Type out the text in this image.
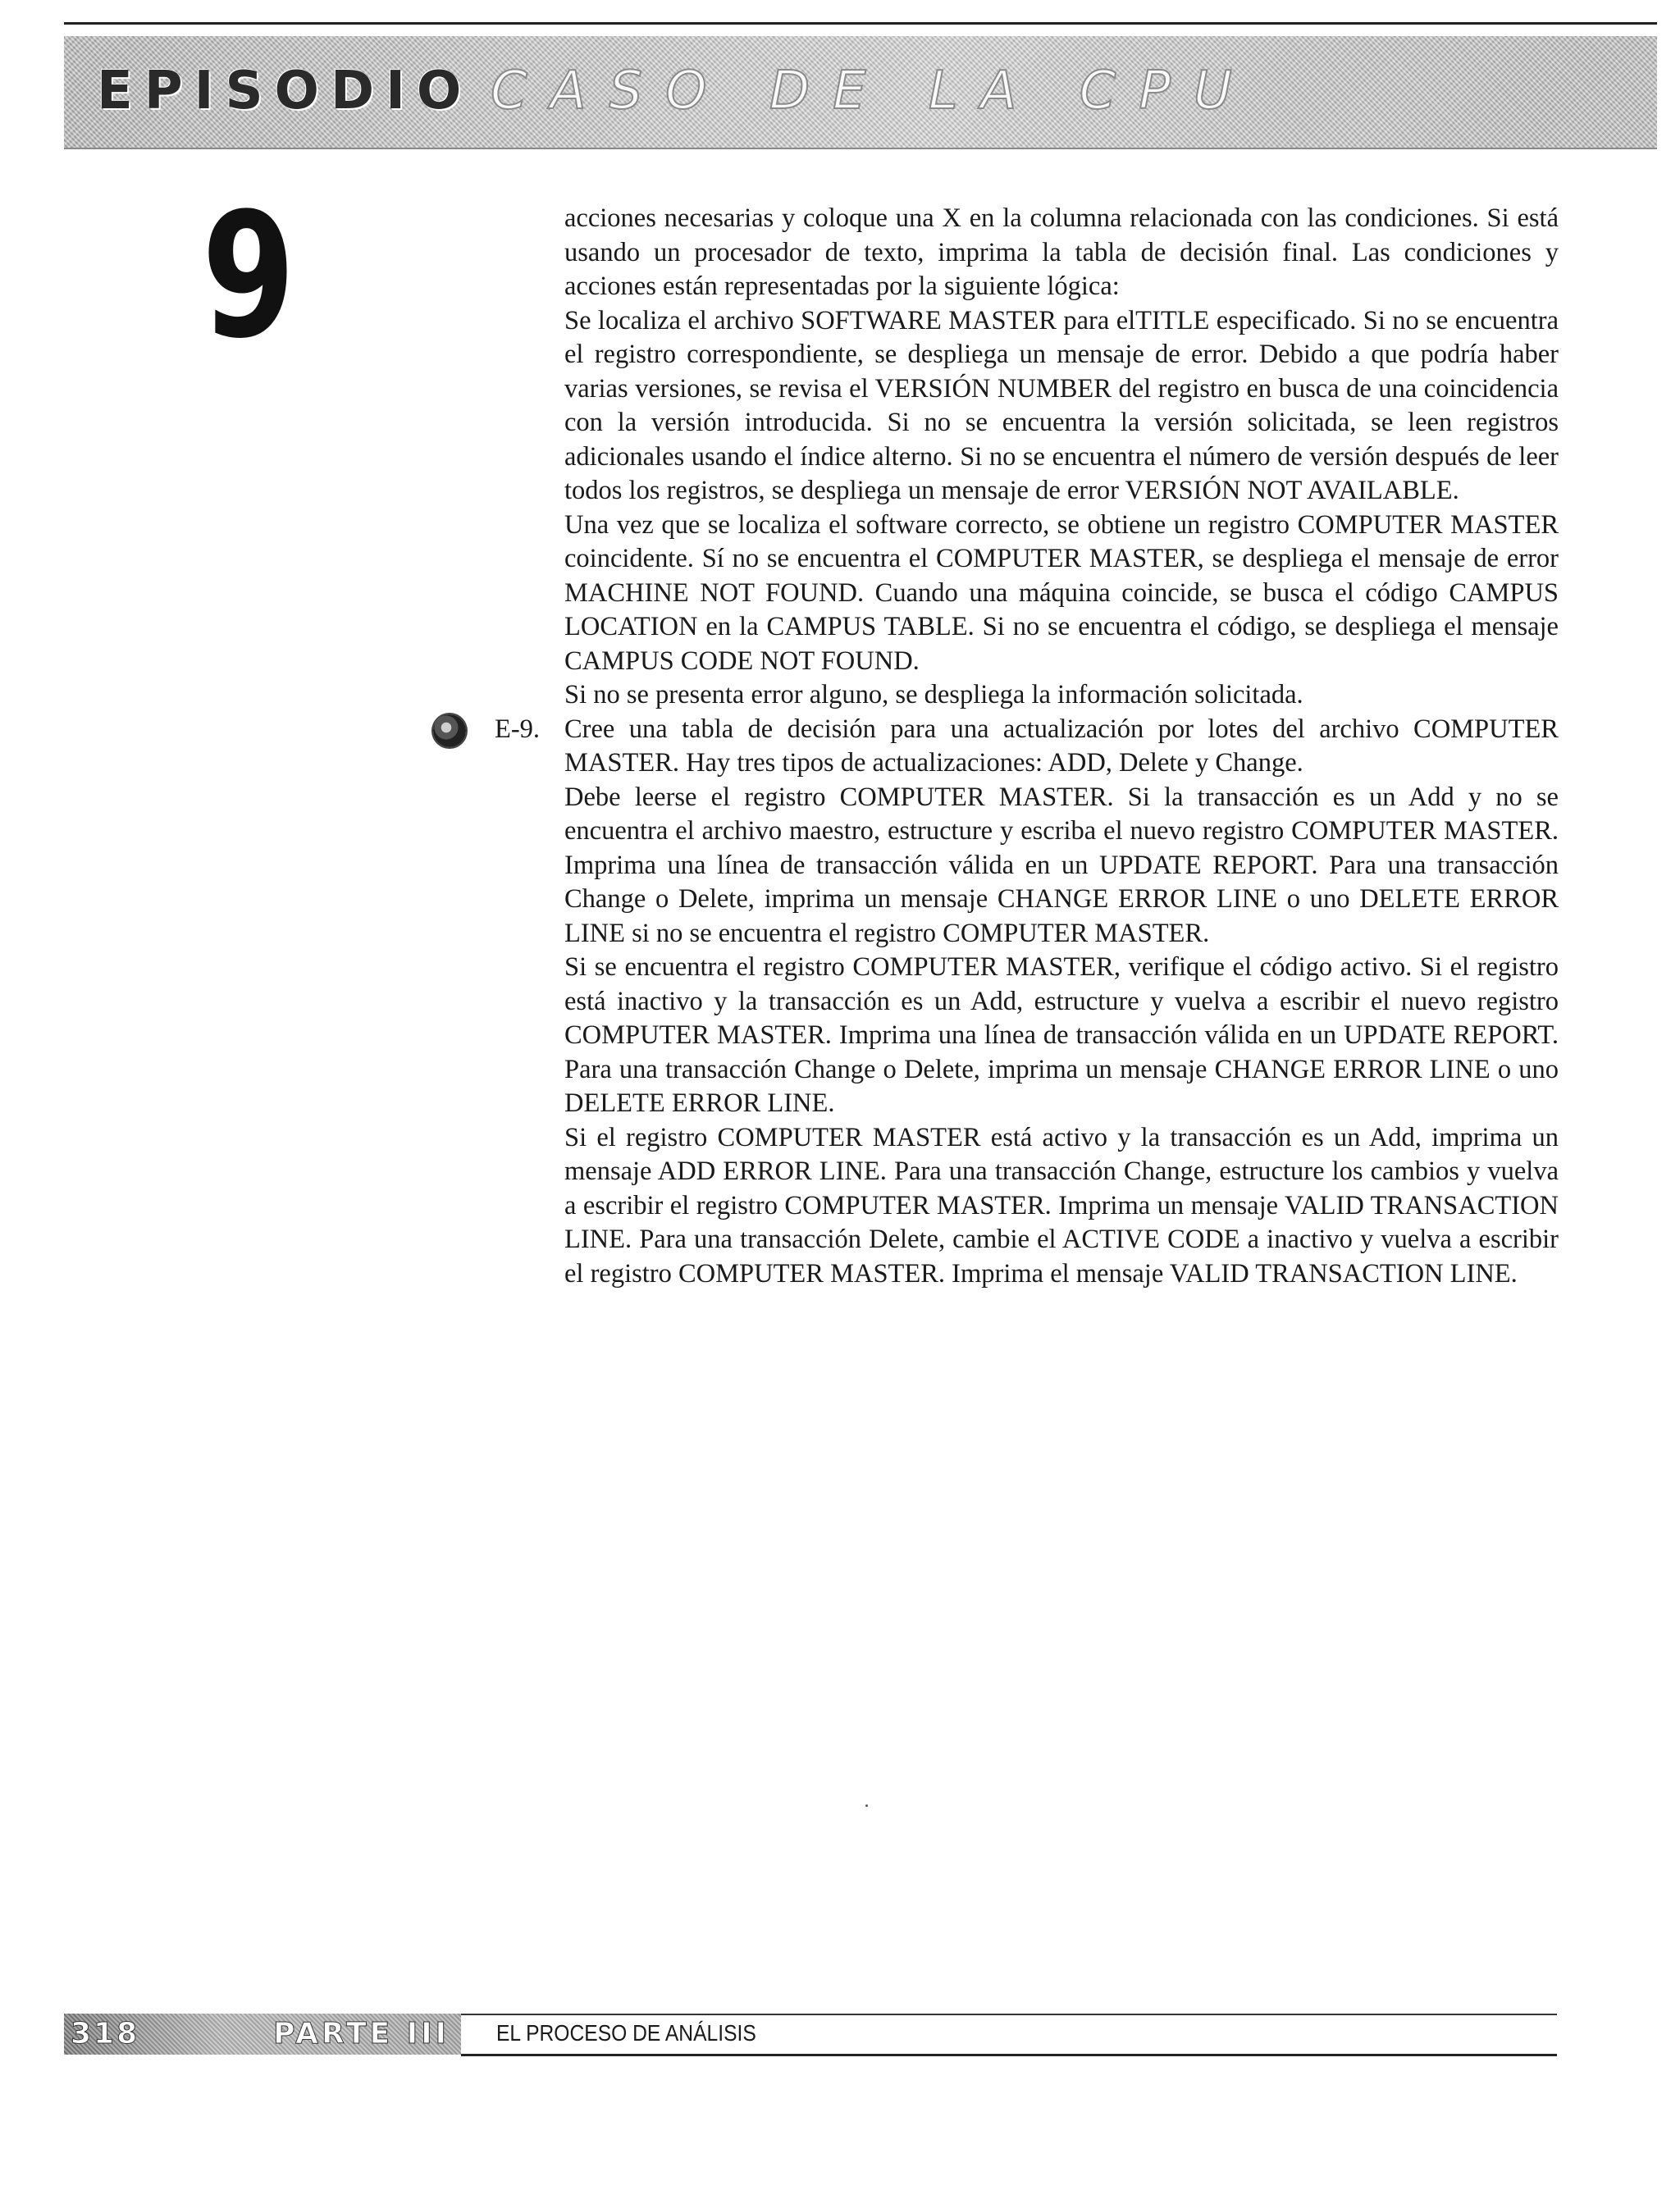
EPISODIO CASO DE LA CPU
9	acciones necesarias y coloque una X en la columna relacionada con las condiciones. Si está usando un procesador de texto, imprima la tabla de decisión final. Las condiciones y acciones están representadas por la siguiente lógica:

Se localiza el archivo SOFTWARE MASTER para elTITLE especificado. Si no se encuentra el registro correspondiente, se despliega un mensaje de error. Debido a que podría haber varias versiones, se revisa el VERSIÓN NUMBER del registro en busca de una coincidencia con la versión introducida. Si no se encuentra la versión solicitada, se leen registros adicionales usando el índice alterno. Si no se encuentra el número de versión después de leer todos los registros, se despliega un mensaje de error VERSIÓN NOT AVAILABLE.

Una vez que se localiza el software correcto, se obtiene un registro COMPUTER MASTER coincidente. Sí no se encuentra el COMPUTER MASTER, se despliega el mensaje de error MACHINE NOT FOUND. Cuando una máquina coincide, se busca el código CAMPUS LOCATION en la CAMPUS TABLE. Si no se encuentra el código, se despliega el mensaje CAMPUS CODE NOT FOUND.

Si no se presenta error alguno, se despliega la información solicitada.

E-9. Cree una tabla de decisión para una actualización por lotes del archivo COMPUTER MASTER. Hay tres tipos de actualizaciones: ADD, Delete y Change.

Debe leerse el registro COMPUTER MASTER. Si la transacción es un Add y no se encuentra el archivo maestro, estructure y escriba el nuevo registro COMPUTER MASTER. Imprima una línea de transacción válida en un UPDATE REPORT. Para una transacción Change o Delete, imprima un mensaje CHANGE ERROR LINE o uno DELETE ERROR LINE si no se encuentra el registro COMPUTER MASTER.

Si se encuentra el registro COMPUTER MASTER, verifique el código activo. Si el registro está inactivo y la transacción es un Add, estructure y vuelva a escribir el nuevo registro COMPUTER MASTER. Imprima una línea de transacción válida en un UPDATE REPORT. Para una transacción Change o Delete, imprima un mensaje CHANGE ERROR LINE o uno DELETE ERROR LINE.

Si el registro COMPUTER MASTER está activo y la transacción es un Add, imprima un mensaje ADD ERROR LINE. Para una transacción Change, estructure los cambios y vuelva a escribir el registro COMPUTER MASTER. Imprima un mensaje VALID TRANSACTION LINE. Para una transacción Delete, cambie el ACTIVE CODE a inactivo y vuelva a escribir el registro COMPUTER MASTER. Imprima el mensaje VALID TRANSACTION LINE.

318	PARTE III EL PROCESO DE ANÁLISIS
